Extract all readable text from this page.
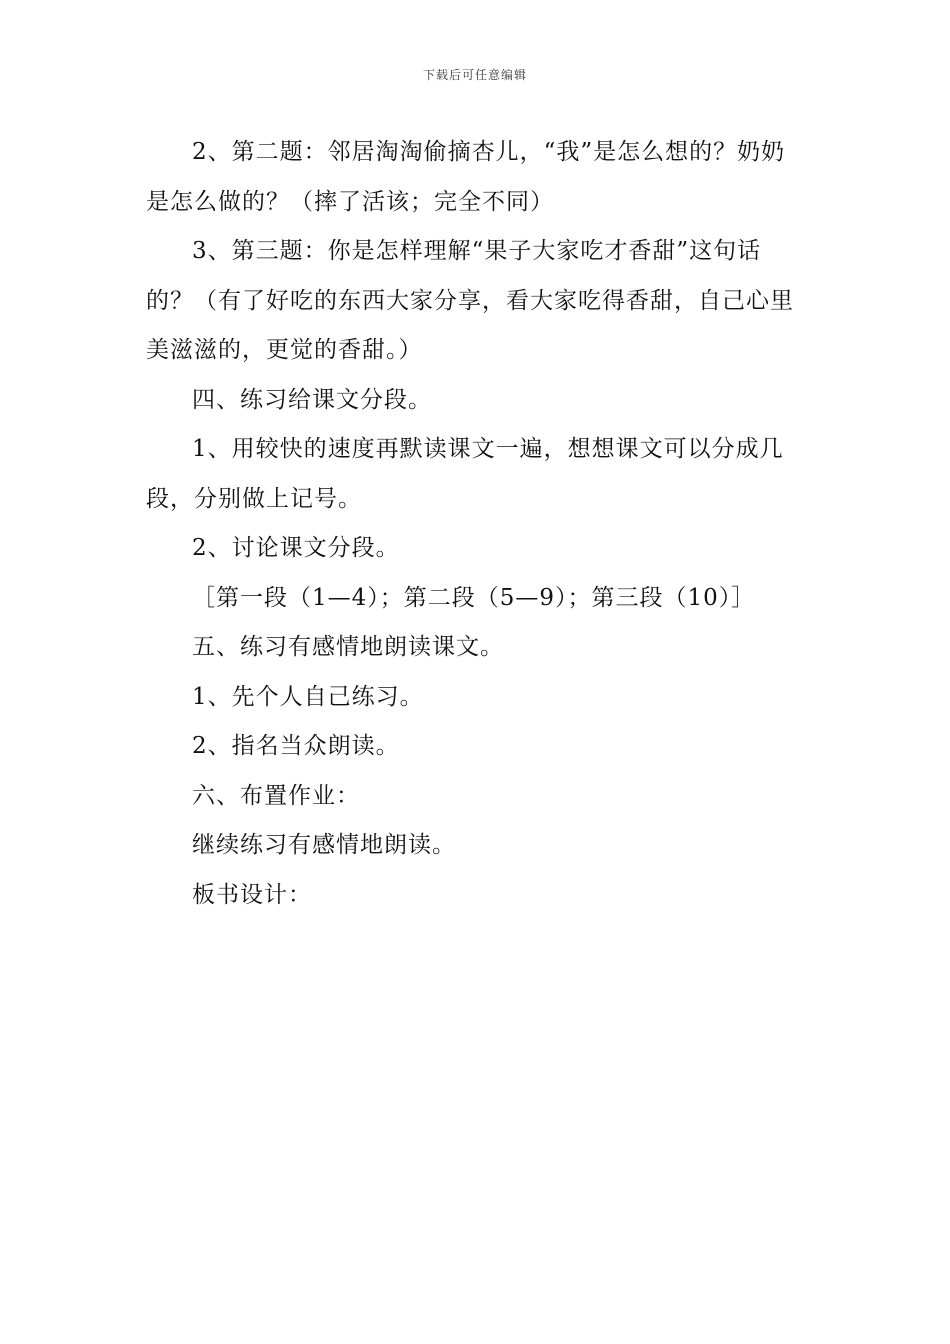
下载后可任意编辑

2、第二题：邻居淘淘偷摘杏儿，“我”是怎么想的？奶奶是怎么做的？（摔了活该；完全不同）

3、第三题：你是怎样理解“果子大家吃才香甜”这句话的？（有了好吃的东西大家分享，看大家吃得香甜，自己心里美滋滋的，更觉的香甜。）

四、练习给课文分段。

1、用较快的速度再默读课文一遍，想想课文可以分成几段，分别做上记号。

2、讨论课文分段。

［第一段（1—4）；第二段（5—9）；第三段（10）］

五、练习有感情地朗读课文。

1、先个人自己练习。

2、指名当众朗读。

六、布置作业：

继续练习有感情地朗读。

板书设计：
